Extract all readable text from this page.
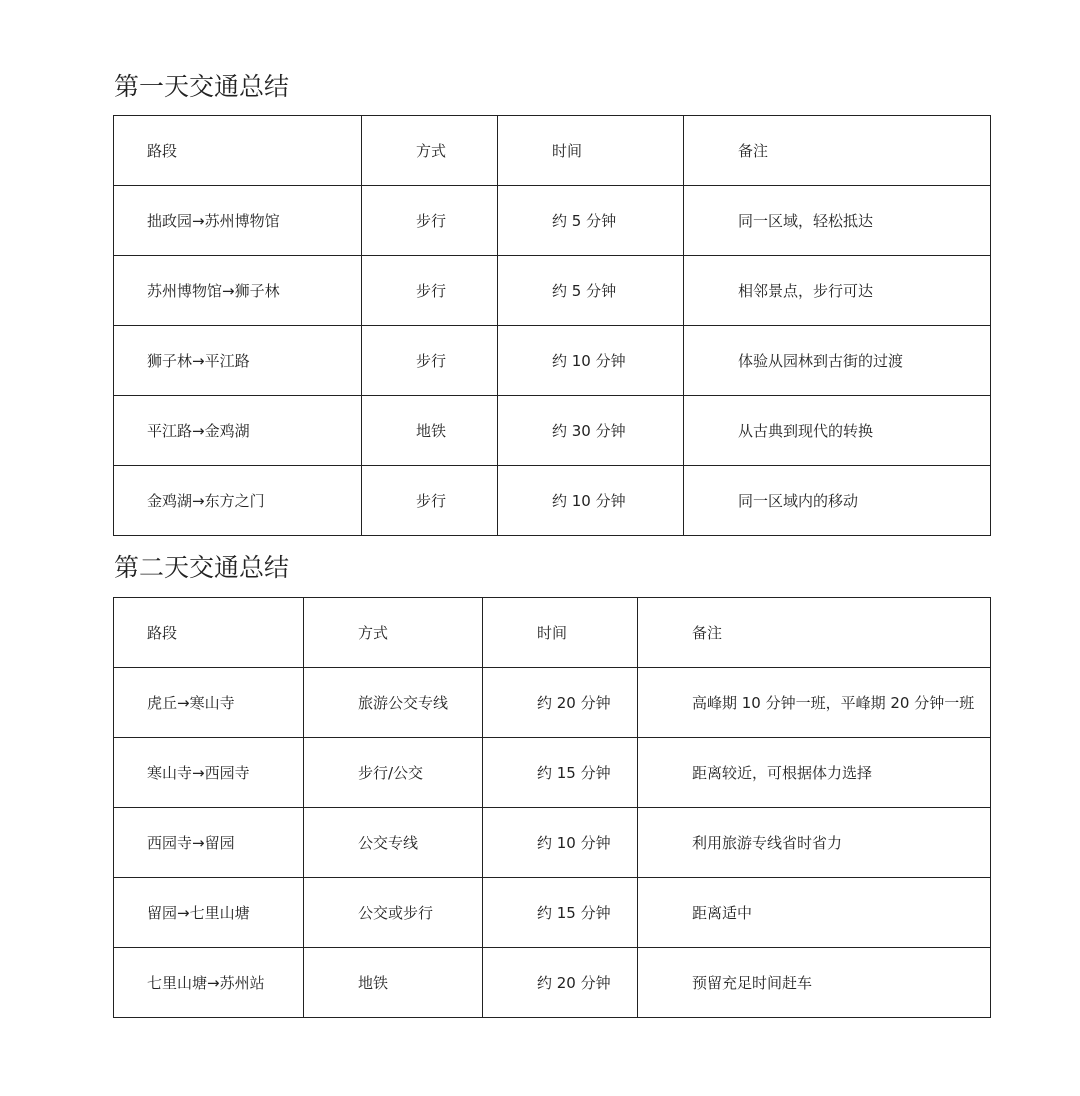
第一天交通总结
路段	方式	时间	备注
拙政园→苏州博物馆	步行	约 5 分钟	同一区域，轻松抵达
苏州博物馆→狮子林	步行	约 5 分钟	相邻景点，步行可达
狮子林→平江路	步行	约 10 分钟	体验从园林到古街的过渡
平江路→金鸡湖	地铁	约 30 分钟	从古典到现代的转换
金鸡湖→东方之门	步行	约 10 分钟	同一区域内的移动
第二天交通总结
路段	方式	时间	备注
虎丘→寒山寺	旅游公交专线	约 20 分钟	高峰期 10 分钟一班，平峰期 20 分钟一班
寒山寺→西园寺	步行/公交	约 15 分钟	距离较近，可根据体力选择
西园寺→留园	公交专线	约 10 分钟	利用旅游专线省时省力
留园→七里山塘	公交或步行	约 15 分钟	距离适中
七里山塘→苏州站	地铁	约 20 分钟	预留充足时间赶车
